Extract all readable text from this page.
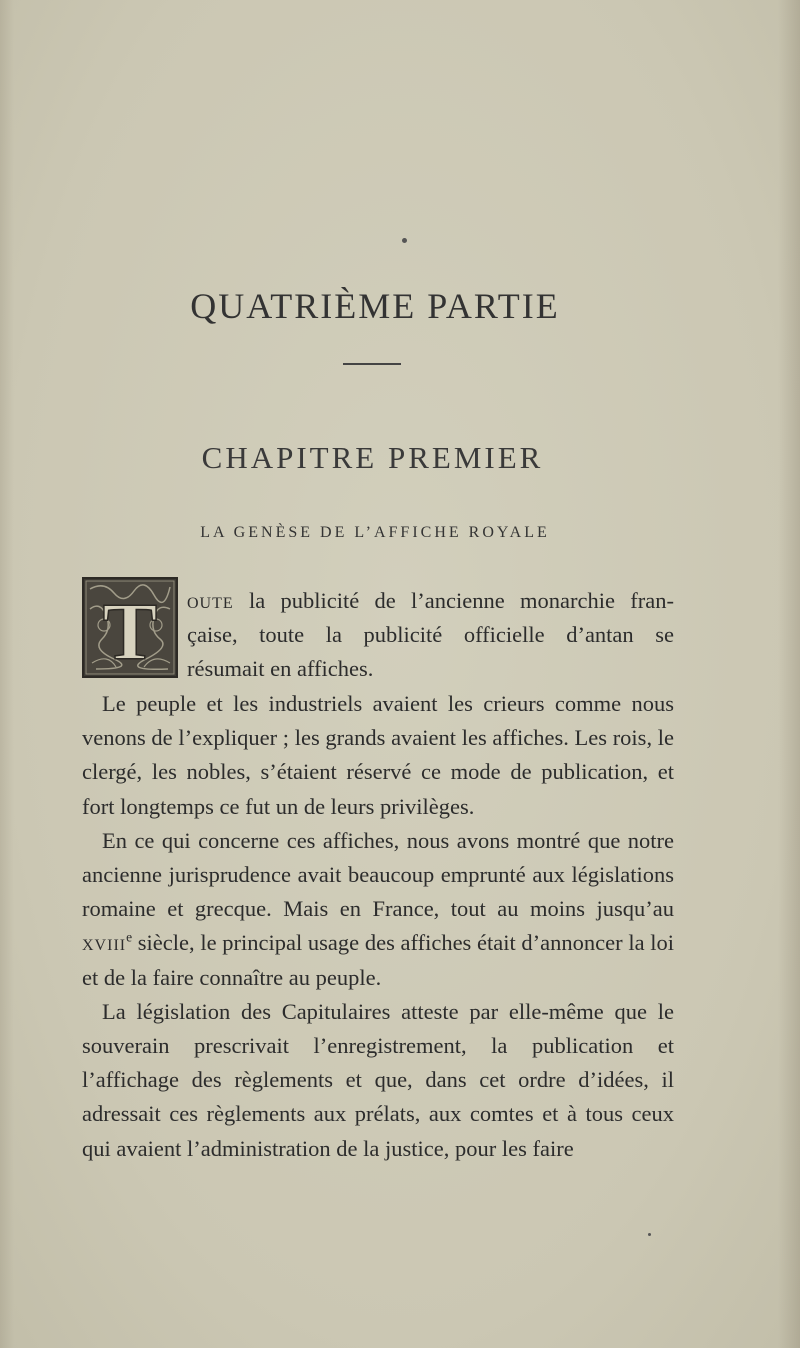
QUATRIÈME PARTIE
CHAPITRE PREMIER
LA GENÈSE DE L’AFFICHE ROYALE
T	oute la publicité de l’ancienne monarchie fran-
çaise, toute la publicité officielle d’antan se
résumait en affiches.

Le peuple et les industriels avaient les crieurs comme nous venons de l’expliquer ; les grands avaient les affiches. Les rois, le clergé, les nobles, s’étaient réservé ce mode de publication, et fort longtemps ce fut un de leurs privilèges.

En ce qui concerne ces affiches, nous avons montré que notre ancienne jurisprudence avait beaucoup emprunté aux législations romaine et grecque. Mais en France, tout au moins jusqu’au xviii$^e$ siècle, le principal usage des affiches était d’annoncer la loi et de la faire connaître au peuple.

La législation des Capitulaires atteste par elle-même que le souverain prescrivait l’enregistrement, la publication et l’affichage des règlements et que, dans cet ordre d’idées, il adressait ces règlements aux prélats, aux comtes et à tous ceux qui avaient l’administration de la justice, pour les faire
